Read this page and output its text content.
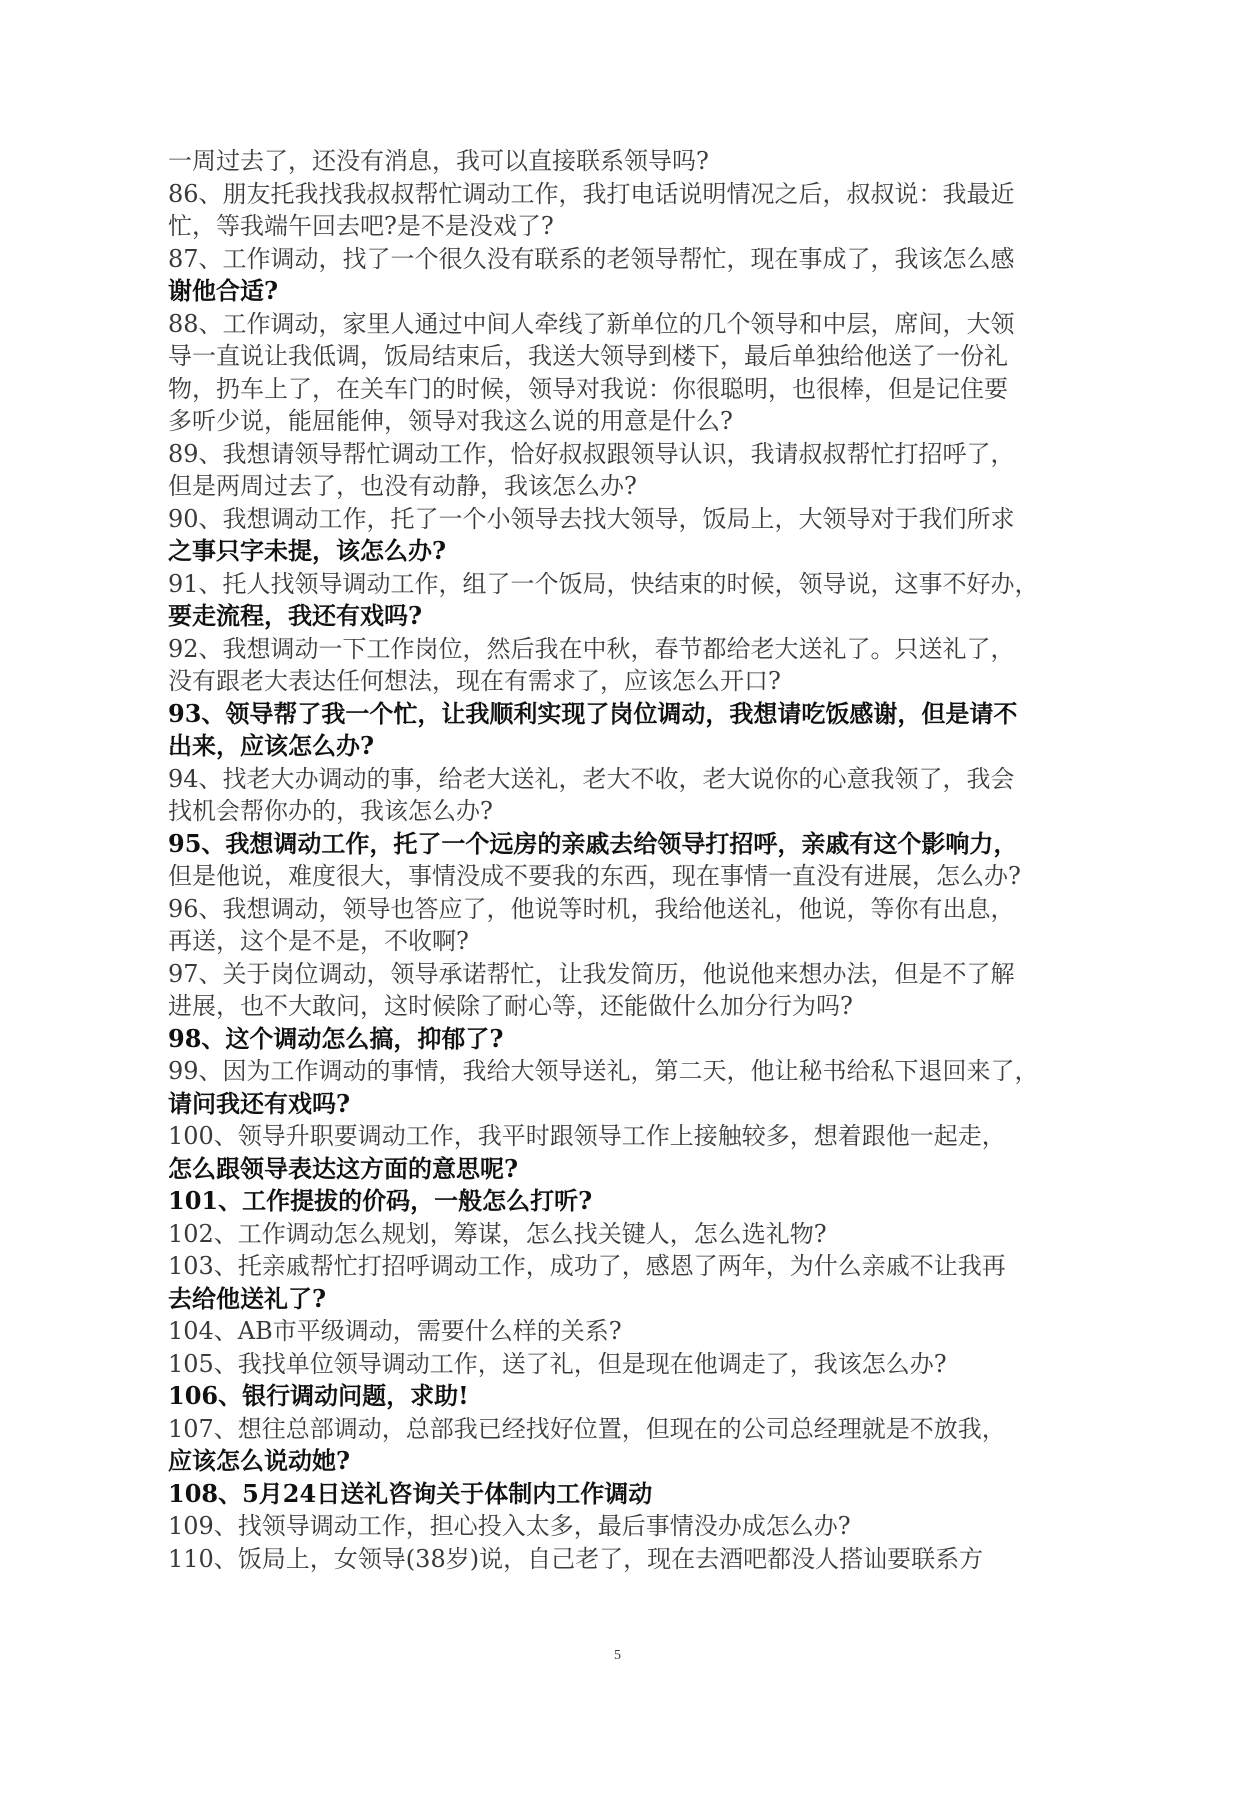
一周过去了，还没有消息，我可以直接联系领导吗?
86、朋友托我找我叔叔帮忙调动工作，我打电话说明情况之后，叔叔说：我最近
忙，等我端午回去吧?是不是没戏了?
87、工作调动，找了一个很久没有联系的老领导帮忙，现在事成了，我该怎么感
谢他合适?
88、工作调动，家里人通过中间人牵线了新单位的几个领导和中层，席间，大领
导一直说让我低调，饭局结束后，我送大领导到楼下，最后单独给他送了一份礼
物，扔车上了，在关车门的时候，领导对我说：你很聪明，也很棒，但是记住要
多听少说，能屈能伸，领导对我这么说的用意是什么?
89、我想请领导帮忙调动工作，恰好叔叔跟领导认识，我请叔叔帮忙打招呼了，
但是两周过去了，也没有动静，我该怎么办?
90、我想调动工作，托了一个小领导去找大领导，饭局上，大领导对于我们所求
之事只字未提，该怎么办?
91、托人找领导调动工作，组了一个饭局，快结束的时候，领导说，这事不好办，
要走流程，我还有戏吗?
92、我想调动一下工作岗位，然后我在中秋，春节都给老大送礼了。只送礼了，
没有跟老大表达任何想法，现在有需求了，应该怎么开口?
93、领导帮了我一个忙，让我顺利实现了岗位调动，我想请吃饭感谢，但是请不
出来，应该怎么办?
94、找老大办调动的事，给老大送礼，老大不收，老大说你的心意我领了，我会
找机会帮你办的，我该怎么办?
95、我想调动工作，托了一个远房的亲戚去给领导打招呼，亲戚有这个影响力，
但是他说，难度很大，事情没成不要我的东西，现在事情一直没有进展，怎么办?
96、我想调动，领导也答应了，他说等时机，我给他送礼，他说，等你有出息，
再送，这个是不是，不收啊?
97、关于岗位调动，领导承诺帮忙，让我发简历，他说他来想办法，但是不了解
进展，也不大敢问，这时候除了耐心等，还能做什么加分行为吗?
98、这个调动怎么搞，抑郁了?
99、因为工作调动的事情，我给大领导送礼，第二天，他让秘书给私下退回来了，
请问我还有戏吗?
100、领导升职要调动工作，我平时跟领导工作上接触较多，想着跟他一起走，
怎么跟领导表达这方面的意思呢?
101、工作提拔的价码，一般怎么打听?
102、工作调动怎么规划，筹谋，怎么找关键人，怎么选礼物?
103、托亲戚帮忙打招呼调动工作，成功了，感恩了两年，为什么亲戚不让我再
去给他送礼了?
104、AB市平级调动，需要什么样的关系?
105、我找单位领导调动工作，送了礼，但是现在他调走了，我该怎么办?
106、银行调动问题，求助!
107、想往总部调动，总部我已经找好位置，但现在的公司总经理就是不放我，
应该怎么说动她?
108、5月24日送礼咨询关于体制内工作调动
109、找领导调动工作，担心投入太多，最后事情没办成怎么办?
110、饭局上，女领导(38岁)说，自己老了，现在去酒吧都没人搭讪要联系方
5
